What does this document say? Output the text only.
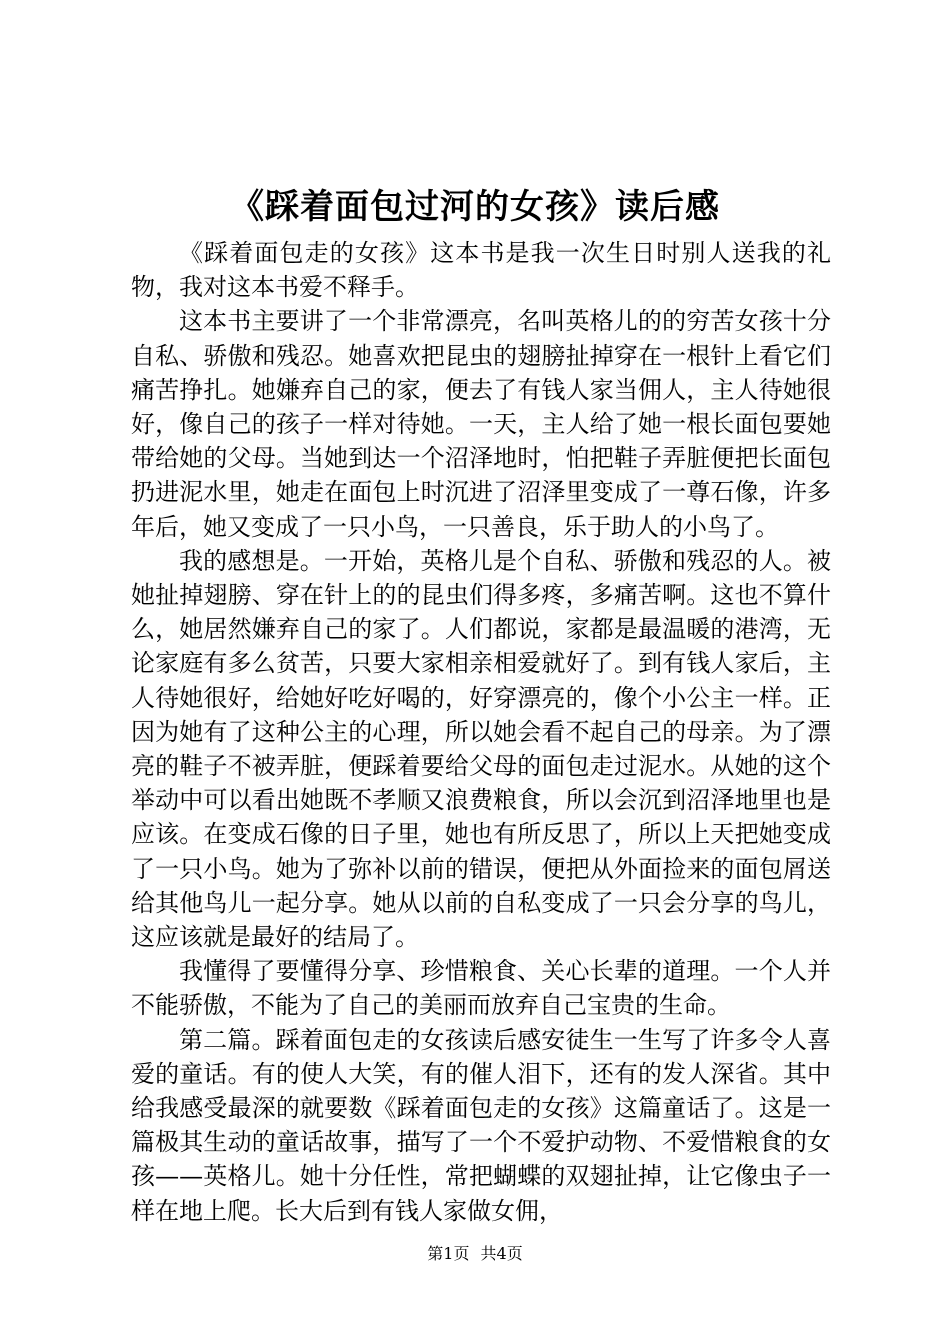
《踩着面包过河的女孩》读后感

《踩着面包走的女孩》这本书是我一次生日时别人送我的礼物，我对这本书爱不释手。

这本书主要讲了一个非常漂亮，名叫英格儿的的穷苦女孩十分自私、骄傲和残忍。她喜欢把昆虫的翅膀扯掉穿在一根针上看它们痛苦挣扎。她嫌弃自己的家，便去了有钱人家当佣人，主人待她很好，像自己的孩子一样对待她。一天，主人给了她一根长面包要她带给她的父母。当她到达一个沼泽地时，怕把鞋子弄脏便把长面包扔进泥水里，她走在面包上时沉进了沼泽里变成了一尊石像，许多年后，她又变成了一只小鸟，一只善良，乐于助人的小鸟了。

我的感想是。一开始，英格儿是个自私、骄傲和残忍的人。被她扯掉翅膀、穿在针上的的昆虫们得多疼，多痛苦啊。这也不算什么，她居然嫌弃自己的家了。人们都说，家都是最温暖的港湾，无论家庭有多么贫苦，只要大家相亲相爱就好了。到有钱人家后，主人待她很好，给她好吃好喝的，好穿漂亮的，像个小公主一样。正因为她有了这种公主的心理，所以她会看不起自己的母亲。为了漂亮的鞋子不被弄脏，便踩着要给父母的面包走过泥水。从她的这个举动中可以看出她既不孝顺又浪费粮食，所以会沉到沼泽地里也是应该。在变成石像的日子里，她也有所反思了，所以上天把她变成了一只小鸟。她为了弥补以前的错误，便把从外面捡来的面包屑送给其他鸟儿一起分享。她从以前的自私变成了一只会分享的鸟儿，这应该就是最好的结局了。

我懂得了要懂得分享、珍惜粮食、关心长辈的道理。一个人并不能骄傲，不能为了自己的美丽而放弃自己宝贵的生命。

第二篇。踩着面包走的女孩读后感安徒生一生写了许多令人喜爱的童话。有的使人大笑，有的催人泪下，还有的发人深省。其中给我感受最深的就要数《踩着面包走的女孩》这篇童话了。这是一篇极其生动的童话故事，描写了一个不爱护动物、不爱惜粮食的女孩——英格儿。她十分任性，常把蝴蝶的双翅扯掉，让它像虫子一样在地上爬。长大后到有钱人家做女佣，

第1页 共4页
